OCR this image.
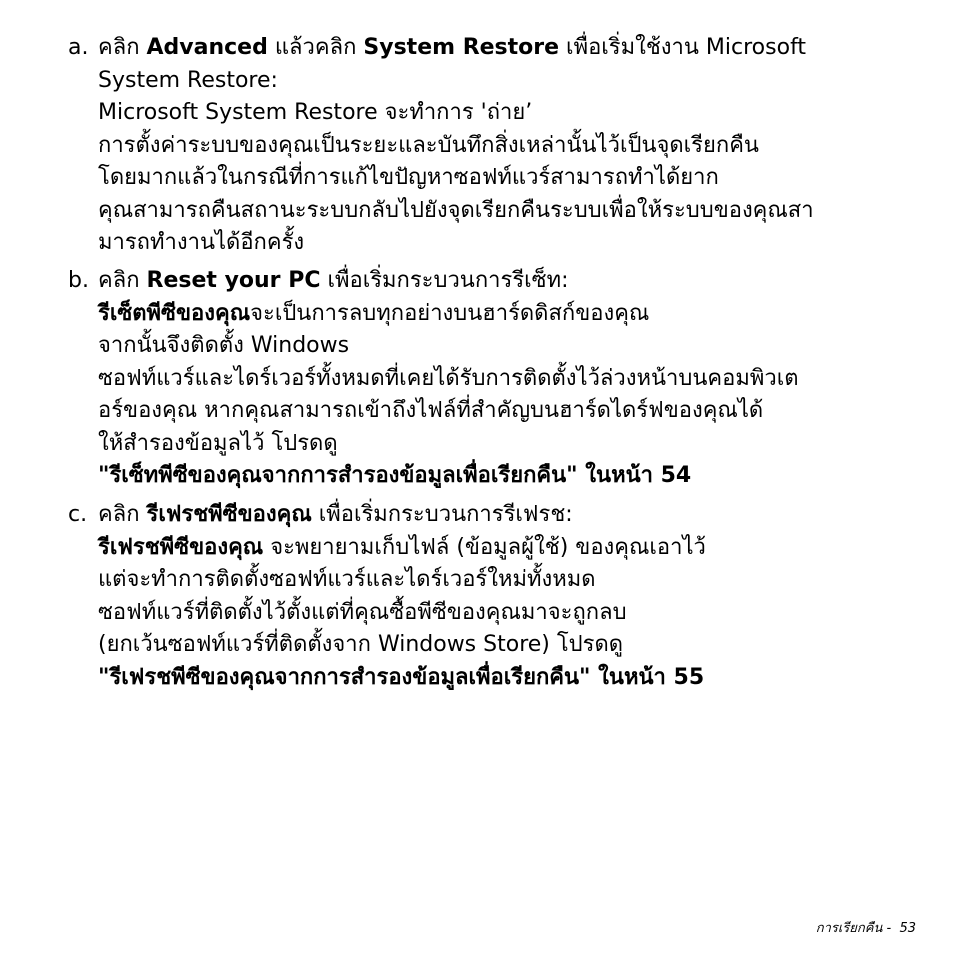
a. คลิก Advanced แล้วคลิก System Restore เพื่อเริ่มใช้งาน Microsoft
System Restore:
Microsoft System Restore จะทำการ 'ถ่าย’
การตั้งค่าระบบของคุณเป็นระยะและบันทึกสิ่งเหล่านั้นไว้เป็นจุดเรียกคืน
โดยมากแล้วในกรณีที่การแก้ไขปัญหาซอฟท์แวร์สามารถทำได้ยาก
คุณสามารถคืนสถานะระบบกลับไปยังจุดเรียกคืนระบบเพื่อให้ระบบของคุณสา
มารถทำงานได้อีกครั้ง
b. คลิก Reset your PC เพื่อเริ่มกระบวนการรีเซ็ท:
รีเซ็ตพีซีของคุณจะเป็นการลบทุกอย่างบนฮาร์ดดิสก์ของคุณ
จากนั้นจึงติดตั้ง Windows
ซอฟท์แวร์และไดร์เวอร์ทั้งหมดที่เคยได้รับการติดตั้งไว้ล่วงหน้าบนคอมพิวเต
อร์ของคุณ หากคุณสามารถเข้าถึงไฟล์ที่สำคัญบนฮาร์ดไดร์ฟของคุณได้
ให้สำรองข้อมูลไว้ โปรดดู
"รีเซ็ทพีซีของคุณจากการสำรองข้อมูลเพื่อเรียกคืน" ในหน้า 54
c. คลิก รีเฟรชพีซีของคุณ เพื่อเริ่มกระบวนการรีเฟรช:
รีเฟรชพีซีของคุณ จะพยายามเก็บไฟล์ (ข้อมูลผู้ใช้) ของคุณเอาไว้
แต่จะทำการติดตั้งซอฟท์แวร์และไดร์เวอร์ใหม่ทั้งหมด
ซอฟท์แวร์ที่ติดตั้งไว้ตั้งแต่ที่คุณซื้อพีซีของคุณมาจะถูกลบ
(ยกเว้นซอฟท์แวร์ที่ติดตั้งจาก Windows Store) โปรดดู
"รีเฟรชพีซีของคุณจากการสำรองข้อมูลเพื่อเรียกคืน" ในหน้า 55
การเรียกคืน - 53
